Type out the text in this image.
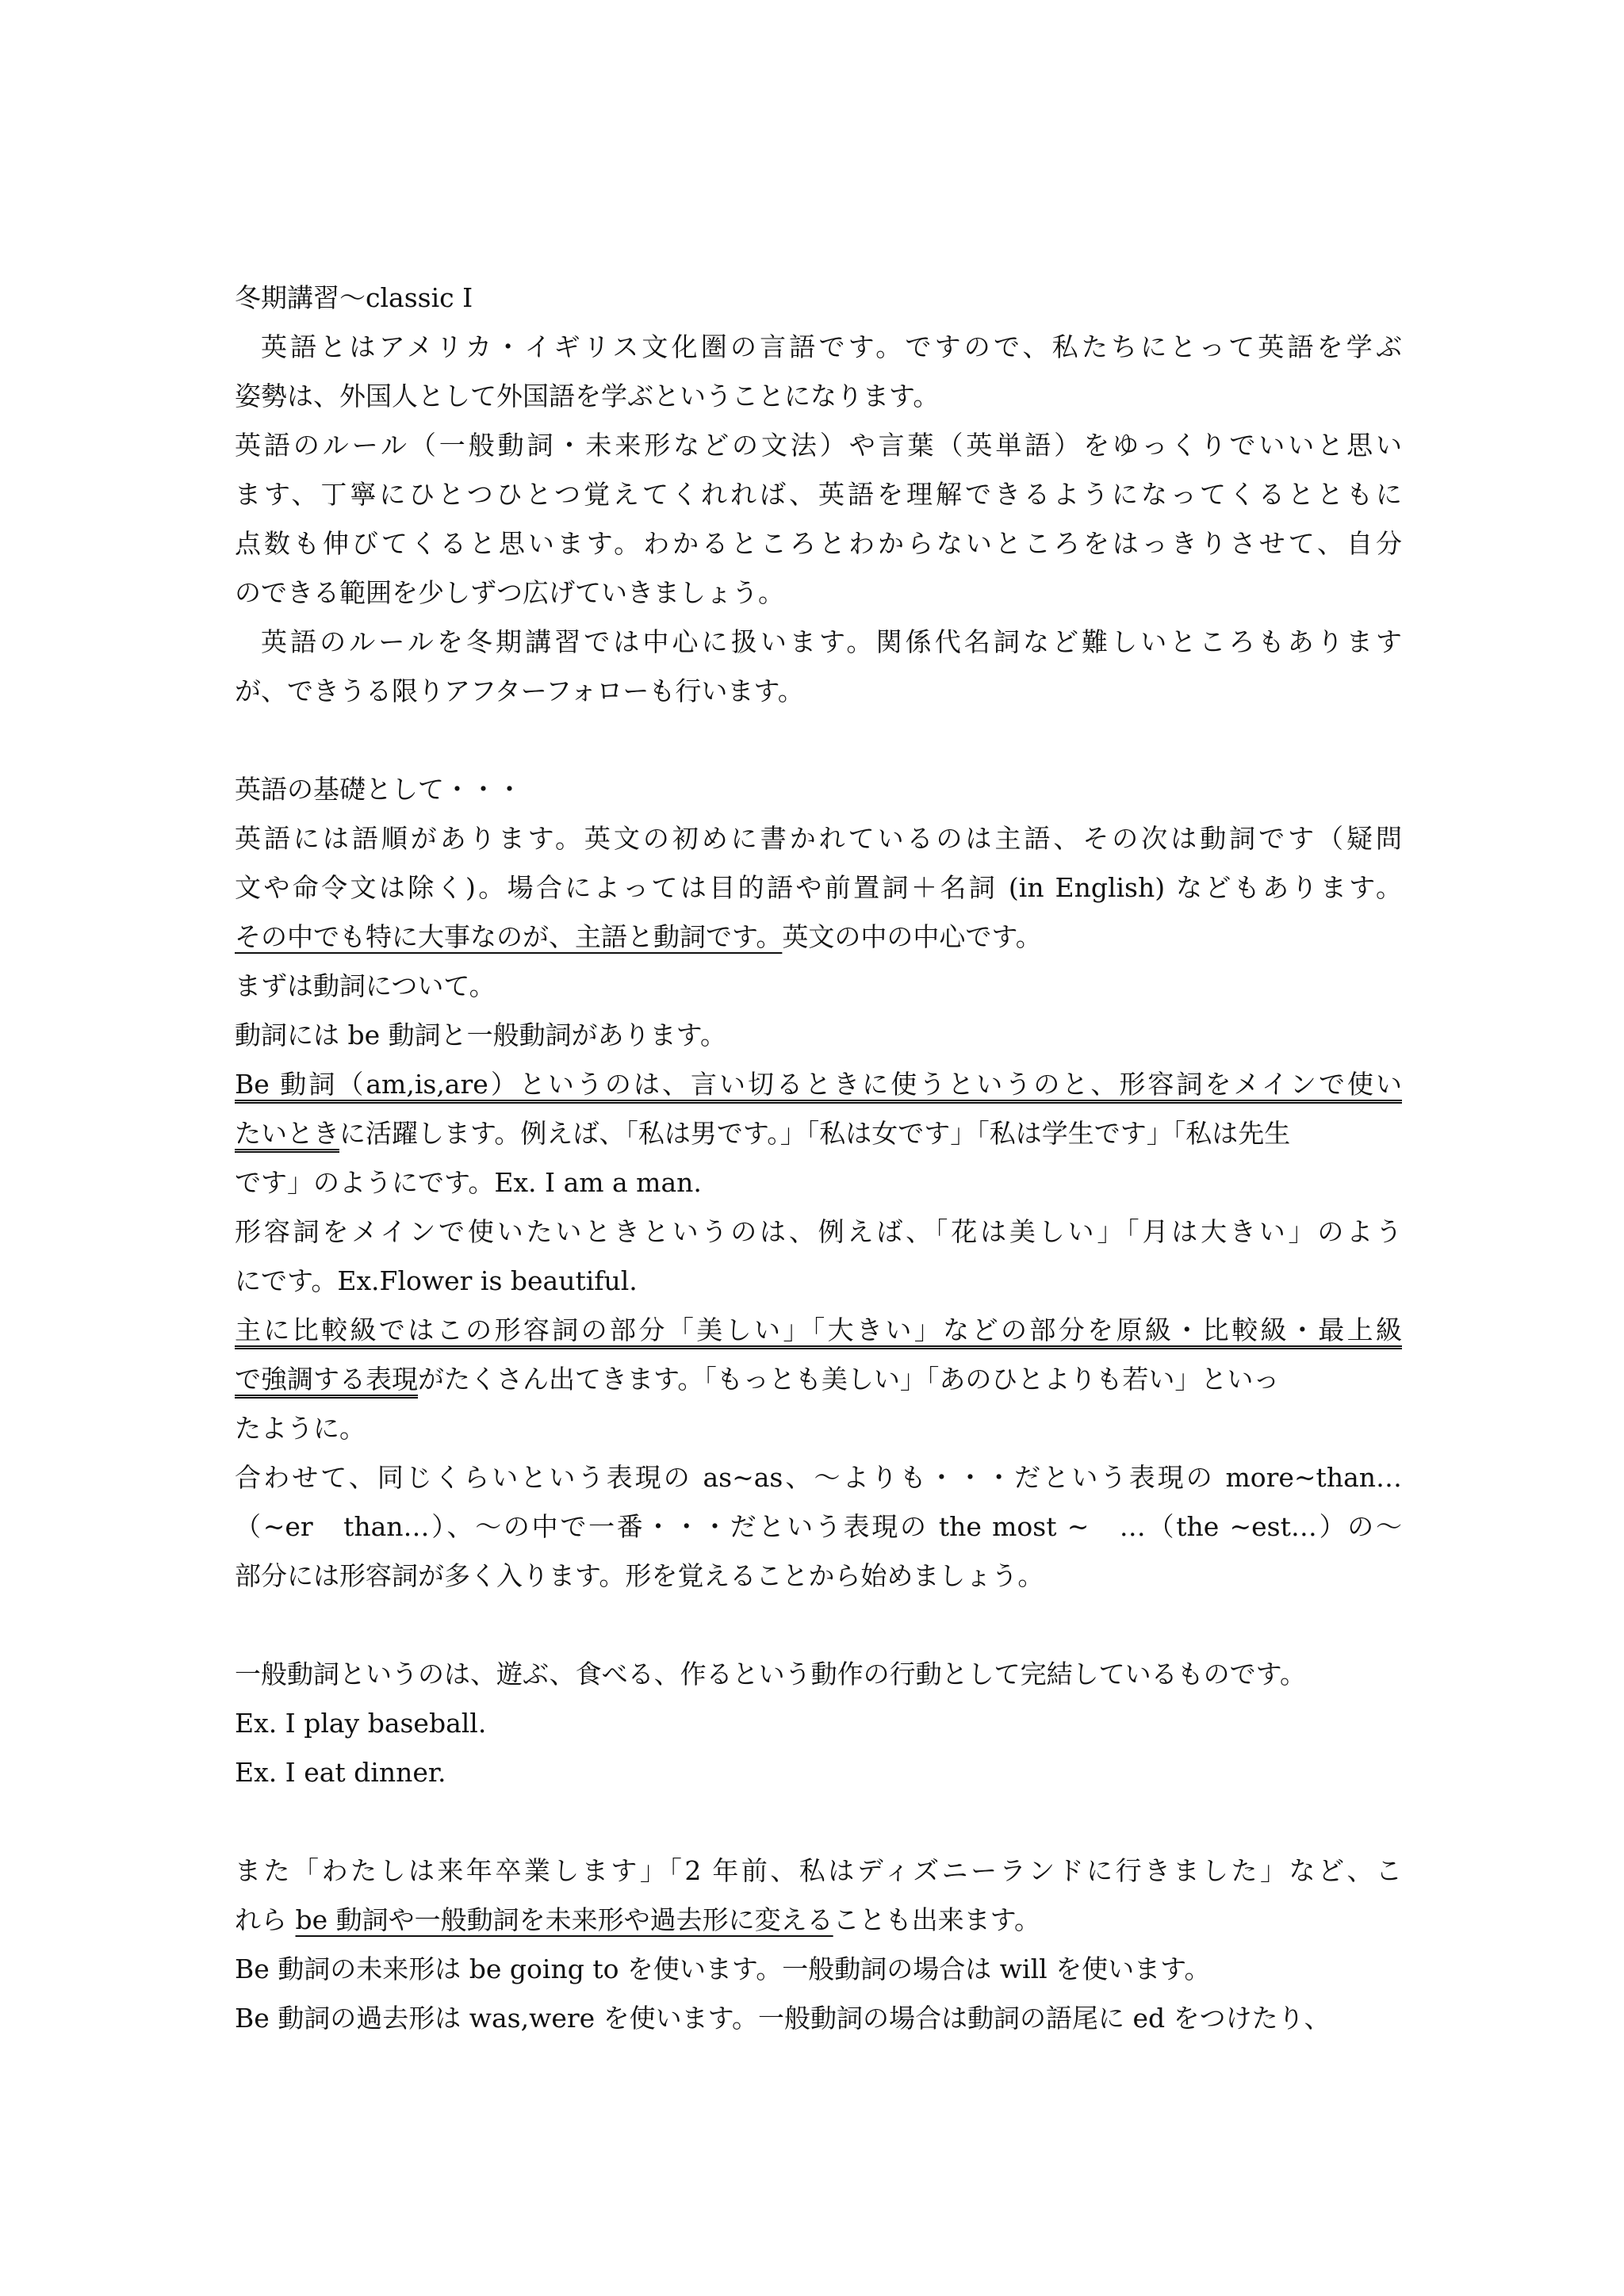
冬期講習～classic I
英語とはアメリカ・イギリス文化圏の言語です。ですので、私たちにとって英語を学ぶ
姿勢は、外国人として外国語を学ぶということになります。
英語のルール（一般動詞・未来形などの文法）や言葉（英単語）をゆっくりでいいと思い
ます、丁寧にひとつひとつ覚えてくれれば、英語を理解できるようになってくるとともに
点数も伸びてくると思います。わかるところとわからないところをはっきりさせて、自分
のできる範囲を少しずつ広げていきましょう。
英語のルールを冬期講習では中心に扱います。関係代名詞など難しいところもあります
が、できうる限りアフターフォローも行います。
英語の基礎として・・・
英語には語順があります。英文の初めに書かれているのは主語、その次は動詞です（疑問
文や命令文は除く)。場合によっては目的語や前置詞＋名詞 (in English) などもあります。
その中でも特に大事なのが、主語と動詞です。英文の中の中心です。
まずは動詞について。
動詞には be 動詞と一般動詞があります。
Be 動詞（am,is,are）というのは、言い切るときに使うというのと、形容詞をメインで使い
たいときに活躍します。例えば、「私は男です。」「私は女です」「私は学生です」「私は先生
です」のようにです。Ex. I am a man.
形容詞をメインで使いたいときというのは、例えば、「花は美しい」「月は大きい」のよう
にです。Ex.Flower is beautiful.
主に比較級ではこの形容詞の部分「美しい」「大きい」などの部分を原級・比較級・最上級
で強調する表現がたくさん出てきます。「もっとも美しい」「あのひとよりも若い」といっ
たように。
合わせて、同じくらいという表現の as~as、～よりも・・・だという表現の more~than…
（~er　than…）、～の中で一番・・・だという表現の the most ~　…（the ~est…）の～
部分には形容詞が多く入ります。形を覚えることから始めましょう。
一般動詞というのは、遊ぶ、食べる、作るという動作の行動として完結しているものです。
Ex. I play baseball.
Ex. I eat dinner.
また「わたしは来年卒業します」「2 年前、私はディズニーランドに行きました」など、こ
れら be 動詞や一般動詞を未来形や過去形に変えることも出来ます。
Be 動詞の未来形は be going to を使います。一般動詞の場合は will を使います。
Be 動詞の過去形は was,were を使います。一般動詞の場合は動詞の語尾に ed をつけたり、
